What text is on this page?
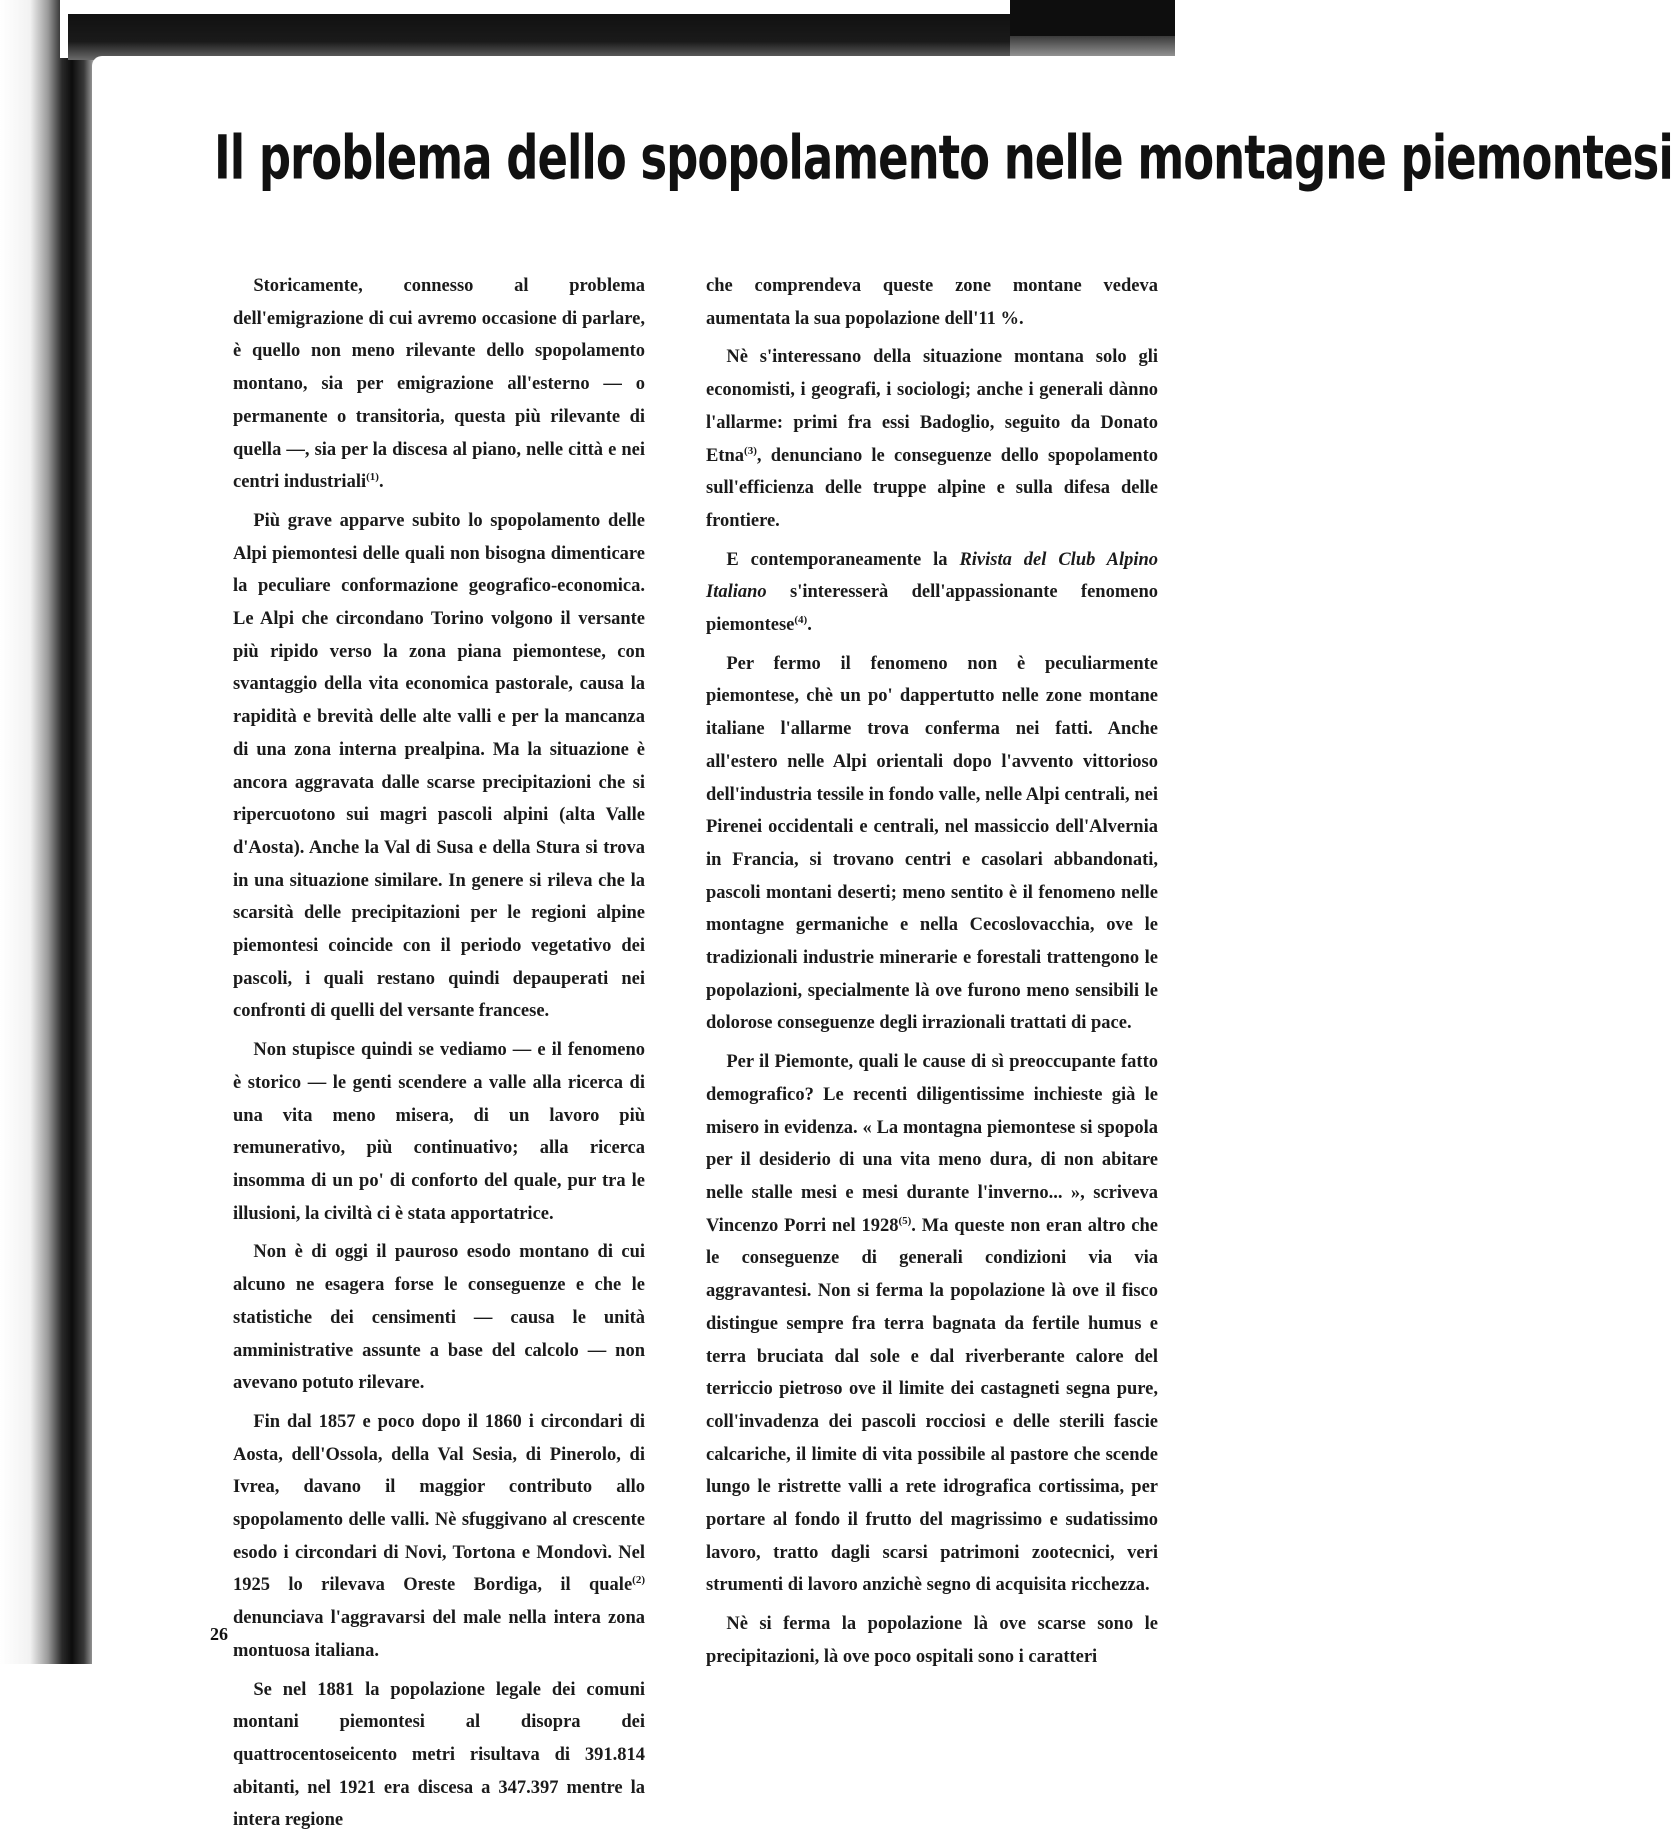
Il problema dello spopolamento nelle montagne piemontesi

Storicamente, connesso al problema dell'emigrazione di cui avremo occasione di parlare, è quello non meno rilevante dello spopolamento montano, sia per emigrazione all'esterno — o permanente o transitoria, questa più rilevante di quella —, sia per la discesa al piano, nelle città e nei centri industriali$^{(1)}$.

Più grave apparve subito lo spopolamento delle Alpi piemontesi delle quali non bisogna dimenticare la peculiare conformazione geografico-economica. Le Alpi che circondano Torino volgono il versante più ripido verso la zona piana piemontese, con svantaggio della vita economica pastorale, causa la rapidità e brevità delle alte valli e per la mancanza di una zona interna prealpina. Ma la situazione è ancora aggravata dalle scarse precipitazioni che si ripercuotono sui magri pascoli alpini (alta Valle d'Aosta). Anche la Val di Susa e della Stura si trova in una situazione similare. In genere si rileva che la scarsità delle precipitazioni per le regioni alpine piemontesi coincide con il periodo vegetativo dei pascoli, i quali restano quindi depauperati nei confronti di quelli del versante francese.

Non stupisce quindi se vediamo — e il fenomeno è storico — le genti scendere a valle alla ricerca di una vita meno misera, di un lavoro più remunerativo, più continuativo; alla ricerca insomma di un po' di conforto del quale, pur tra le illusioni, la civiltà ci è stata apportatrice.

Non è di oggi il pauroso esodo montano di cui alcuno ne esagera forse le conseguenze e che le statistiche dei censimenti — causa le unità amministrative assunte a base del calcolo — non avevano potuto rilevare.

Fin dal 1857 e poco dopo il 1860 i circondari di Aosta, dell'Ossola, della Val Sesia, di Pinerolo, di Ivrea, davano il maggior contributo allo spopolamento delle valli. Nè sfuggivano al crescente esodo i circondari di Novi, Tortona e Mondovì. Nel 1925 lo rilevava Oreste Bordiga, il quale$^{(2)}$ denunciava l'aggravarsi del male nella intera zona montuosa italiana.

Se nel 1881 la popolazione legale dei comuni montani piemontesi al disopra dei quattrocentoseicento metri risultava di 391.814 abitanti, nel 1921 era discesa a 347.397 mentre la intera regione

che comprendeva queste zone montane vedeva aumentata la sua popolazione dell'11 %.

Nè s'interessano della situazione montana solo gli economisti, i geografi, i sociologi; anche i generali dànno l'allarme: primi fra essi Badoglio, seguito da Donato Etna$^{(3)}$, denunciano le conseguenze dello spopolamento sull'efficienza delle truppe alpine e sulla difesa delle frontiere.

E contemporaneamente la Rivista del Club Alpino Italiano s'interesserà dell'appassionante fenomeno piemontese$^{(4)}$.

Per fermo il fenomeno non è peculiarmente piemontese, chè un po' dappertutto nelle zone montane italiane l'allarme trova conferma nei fatti. Anche all'estero nelle Alpi orientali dopo l'avvento vittorioso dell'industria tessile in fondo valle, nelle Alpi centrali, nei Pirenei occidentali e centrali, nel massiccio dell'Alvernia in Francia, si trovano centri e casolari abbandonati, pascoli montani deserti; meno sentito è il fenomeno nelle montagne germaniche e nella Cecoslovacchia, ove le tradizionali industrie minerarie e forestali trattengono le popolazioni, specialmente là ove furono meno sensibili le dolorose conseguenze degli irrazionali trattati di pace.

Per il Piemonte, quali le cause di sì preoccupante fatto demografico? Le recenti diligentissime inchieste già le misero in evidenza. « La montagna piemontese si spopola per il desiderio di una vita meno dura, di non abitare nelle stalle mesi e mesi durante l'inverno... », scriveva Vincenzo Porri nel 1928$^{(5)}$. Ma queste non eran altro che le conseguenze di generali condizioni via via aggravantesi. Non si ferma la popolazione là ove il fisco distingue sempre fra terra bagnata da fertile humus e terra bruciata dal sole e dal riverberante calore del terriccio pietroso ove il limite dei castagneti segna pure, coll'invadenza dei pascoli rocciosi e delle sterili fascie calcariche, il limite di vita possibile al pastore che scende lungo le ristrette valli a rete idrografica cortissima, per portare al fondo il frutto del magrissimo e sudatissimo lavoro, tratto dagli scarsi patrimoni zootecnici, veri strumenti di lavoro anzichè segno di acquisita ricchezza.

Nè si ferma la popolazione là ove scarse sono le precipitazioni, là ove poco ospitali sono i caratteri

26
